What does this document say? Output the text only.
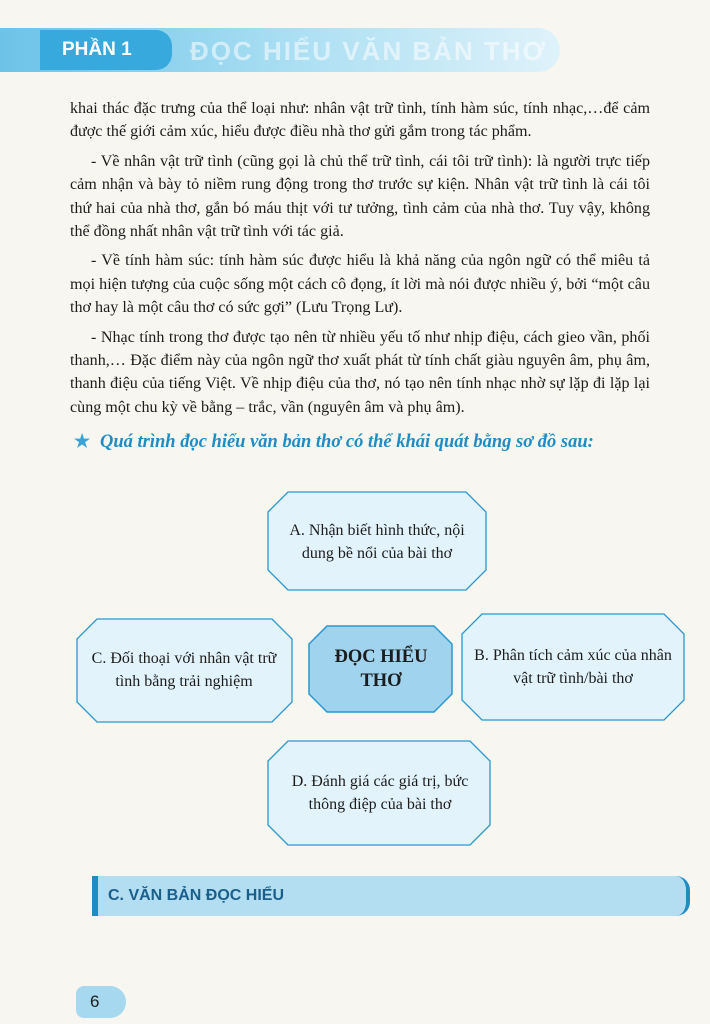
ĐỌC HIỂU VĂN BẢN THƠ
PHẦN 1

khai thác đặc trưng của thể loại như: nhân vật trữ tình, tính hàm súc, tính nhạc,…để cảm được thế giới cảm xúc, hiểu được điều nhà thơ gửi gắm trong tác phẩm.

- Về nhân vật trữ tình (cũng gọi là chủ thể trữ tình, cái tôi trữ tình): là người trực tiếp cảm nhận và bày tỏ niềm rung động trong thơ trước sự kiện. Nhân vật trữ tình là cái tôi thứ hai của nhà thơ, gắn bó máu thịt với tư tưởng, tình cảm của nhà thơ. Tuy vậy, không thể đồng nhất nhân vật trữ tình với tác giả.

- Về tính hàm súc: tính hàm súc được hiểu là khả năng của ngôn ngữ có thể miêu tả mọi hiện tượng của cuộc sống một cách cô đọng, ít lời mà nói được nhiều ý, bởi “một câu thơ hay là một câu thơ có sức gợi” (Lưu Trọng Lư).

- Nhạc tính trong thơ được tạo nên từ nhiều yếu tố như nhịp điệu, cách gieo vần, phối thanh,… Đặc điểm này của ngôn ngữ thơ xuất phát từ tính chất giàu nguyên âm, phụ âm, thanh điệu của tiếng Việt. Về nhịp điệu của thơ, nó tạo nên tính nhạc nhờ sự lặp đi lặp lại cùng một chu kỳ về bằng – trắc, vần (nguyên âm và phụ âm).

★ Quá trình đọc hiểu văn bản thơ có thể khái quát bằng sơ đồ sau:
A. Nhận biết hình thức, nội dung bề nổi của bài thơ
C. Đối thoại với nhân vật trữ tình bằng trải nghiệm
ĐỌC HIỂU THƠ
B. Phân tích cảm xúc của nhân vật trữ tình/bài thơ
D. Đánh giá các giá trị, bức thông điệp của bài thơ
C. VĂN BẢN ĐỌC HIỂU
6
